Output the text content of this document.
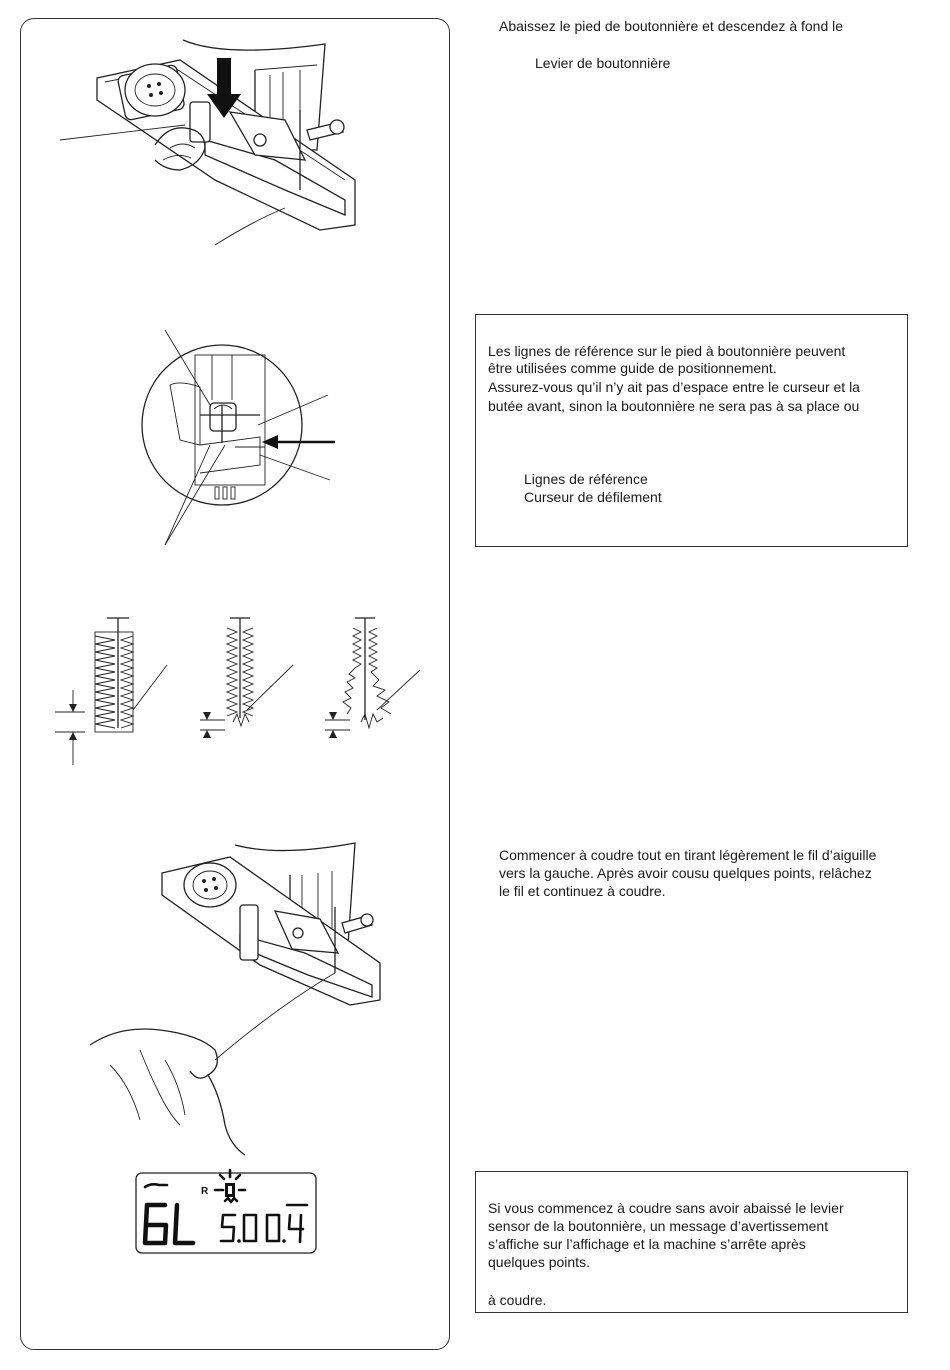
R
Abaissez le pied de boutonnière et descendez à fond le
Levier de boutonnière
Les lignes de référence sur le pied à boutonnière peuvent
être utilisées comme guide de positionnement.
Assurez-vous qu’il n’y ait pas d’espace entre le curseur et la
butée avant, sinon la boutonnière ne sera pas à sa place ou
Lignes de référence
Curseur de défilement
Commencer à coudre tout en tirant légèrement le fil d’aiguille
vers la gauche. Après avoir cousu quelques points, relâchez
le fil et continuez à coudre.
Si vous commencez à coudre sans avoir abaissé le levier
sensor de la boutonnière, un message d’avertissement
s’affiche sur l’affichage et la machine s’arrête après
quelques points.
à coudre.
